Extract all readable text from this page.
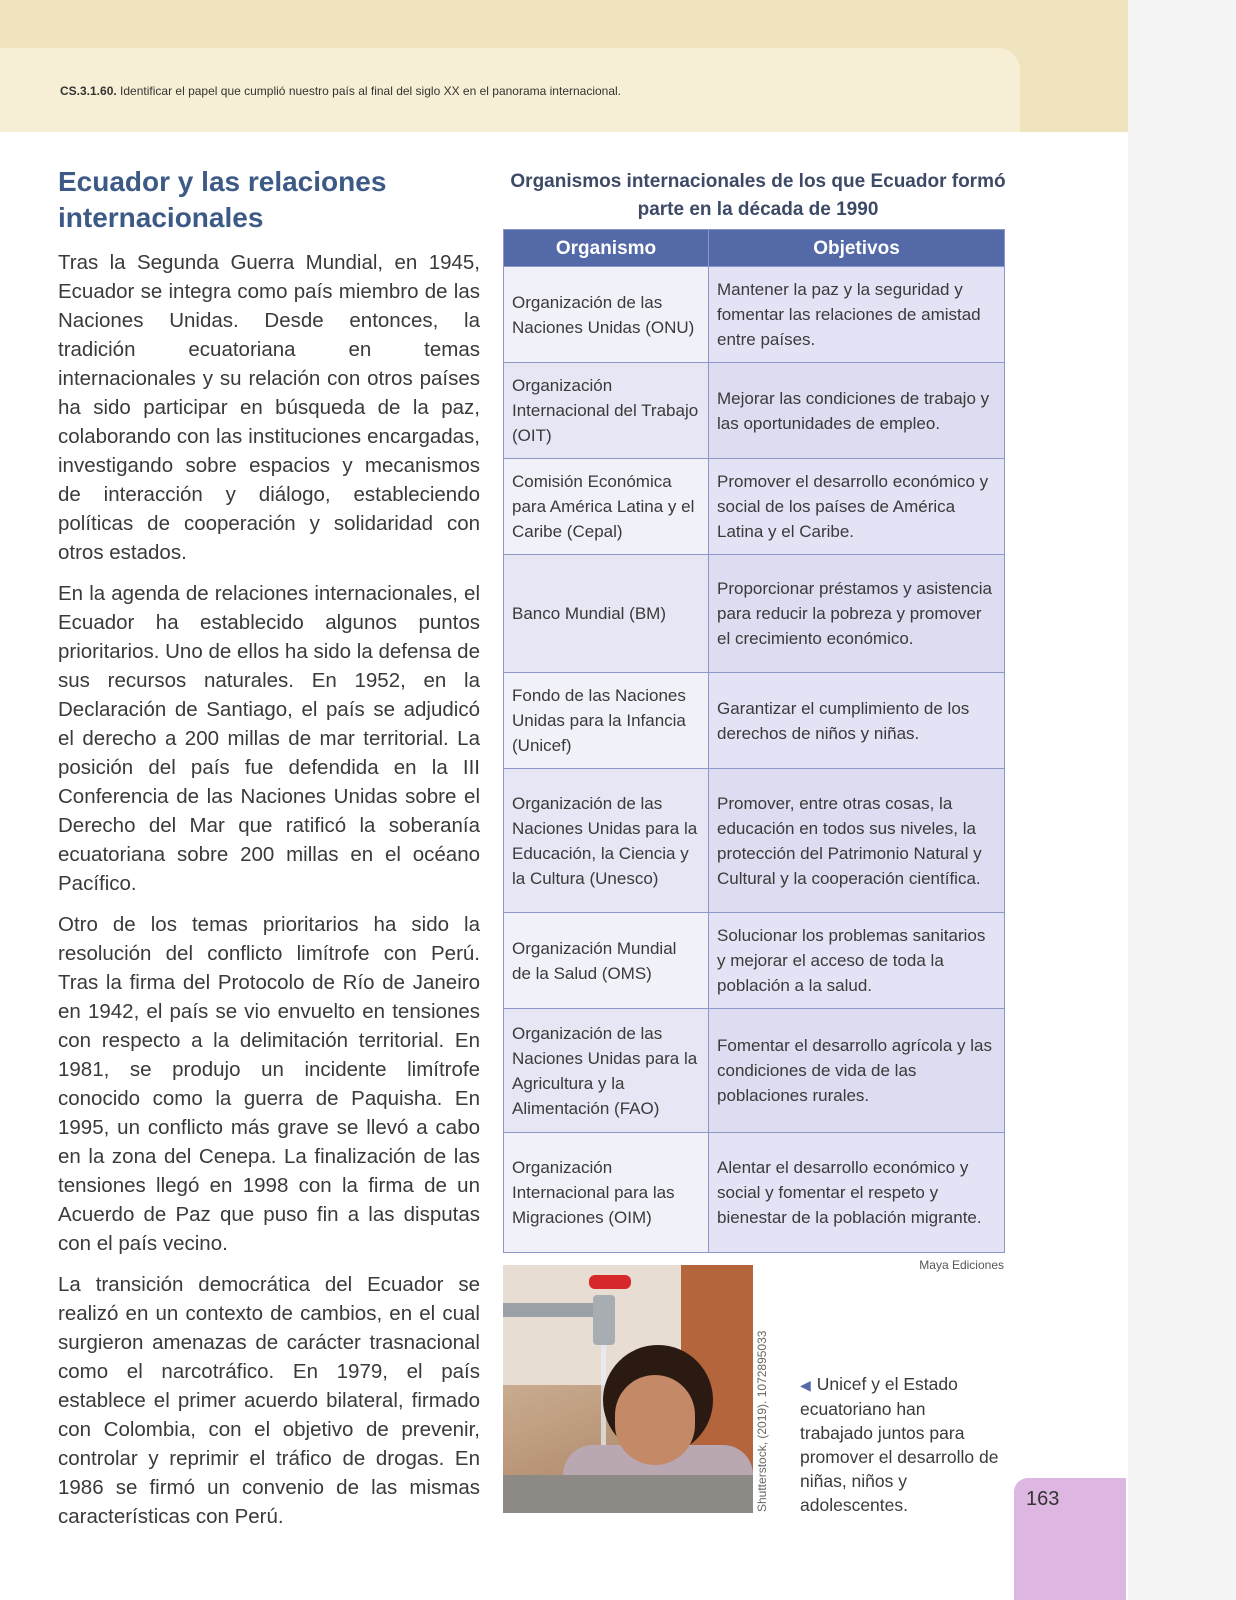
CS.3.1.60. Identificar el papel que cumplió nuestro país al final del siglo XX en el panorama internacional.
Ecuador y las relaciones internacionales

Tras la Segunda Guerra Mundial, en 1945, Ecuador se integra como país miembro de las Naciones Unidas. Desde entonces, la tradición ecuatoriana en temas internacionales y su relación con otros países ha sido participar en búsqueda de la paz, colaborando con las instituciones encargadas, investigando sobre espacios y mecanismos de interacción y diálogo, estableciendo políticas de cooperación y solidaridad con otros estados.

En la agenda de relaciones internacionales, el Ecuador ha establecido algunos puntos prioritarios. Uno de ellos ha sido la defensa de sus recursos naturales. En 1952, en la Declaración de Santiago, el país se adjudicó el derecho a 200 millas de mar territorial. La posición del país fue defendida en la III Conferencia de las Naciones Unidas sobre el Derecho del Mar que ratificó la soberanía ecuatoriana sobre 200 millas en el océano Pacífico.

Otro de los temas prioritarios ha sido la resolución del conflicto limítrofe con Perú. Tras la firma del Protocolo de Río de Janeiro en 1942, el país se vio envuelto en tensiones con respecto a la delimitación territorial. En 1981, se produjo un incidente limítrofe conocido como la guerra de Paquisha. En 1995, un conflicto más grave se llevó a cabo en la zona del Cenepa. La finalización de las tensiones llegó en 1998 con la firma de un Acuerdo de Paz que puso fin a las disputas con el país vecino.

La transición democrática del Ecuador se realizó en un contexto de cambios, en el cual surgieron amenazas de carácter trasnacional como el narcotráfico. En 1979, el país establece el primer acuerdo bilateral, firmado con Colombia, con el objetivo de prevenir, controlar y reprimir el tráfico de drogas. En 1986 se firmó un convenio de las mismas características con Perú.

Organismos internacionales de los que Ecuador formó parte en la década de 1990
Organismo	Objetivos
Organización de las Naciones Unidas (ONU)	Mantener la paz y la seguridad y fomentar las relaciones de amistad entre países.
Organización Internacional del Trabajo (OIT)	Mejorar las condiciones de trabajo y las oportunidades de empleo.
Comisión Económica para América Latina y el Caribe (Cepal)	Promover el desarrollo económico y social de los países de América Latina y el Caribe.
Banco Mundial (BM)	Proporcionar préstamos y asistencia para reducir la pobreza y promover el crecimiento económico.
Fondo de las Naciones Unidas para la Infancia (Unicef)	Garantizar el cumplimiento de los derechos de niños y niñas.
Organización de las Naciones Unidas para la Educación, la Ciencia y la Cultura (Unesco)	Promover, entre otras cosas, la educación en todos sus niveles, la protección del Patrimonio Natural y Cultural y la cooperación científica.
Organización Mundial de la Salud (OMS)	Solucionar los problemas sanitarios y mejorar el acceso de toda la población a la salud.
Organización de las Naciones Unidas para la Agricultura y la Alimentación (FAO)	Fomentar el desarrollo agrícola y las condiciones de vida de las poblaciones rurales.
Organización Internacional para las Migraciones (OIM)	Alentar el desarrollo económico y social y fomentar el respeto y bienestar de la población migrante.
Maya Ediciones
Shutterstock, (2019). 1072895033 ◀ Unicef y el Estado ecuatoriano han trabajado juntos para promover el desarrollo de niñas, niños y adolescentes.	163
